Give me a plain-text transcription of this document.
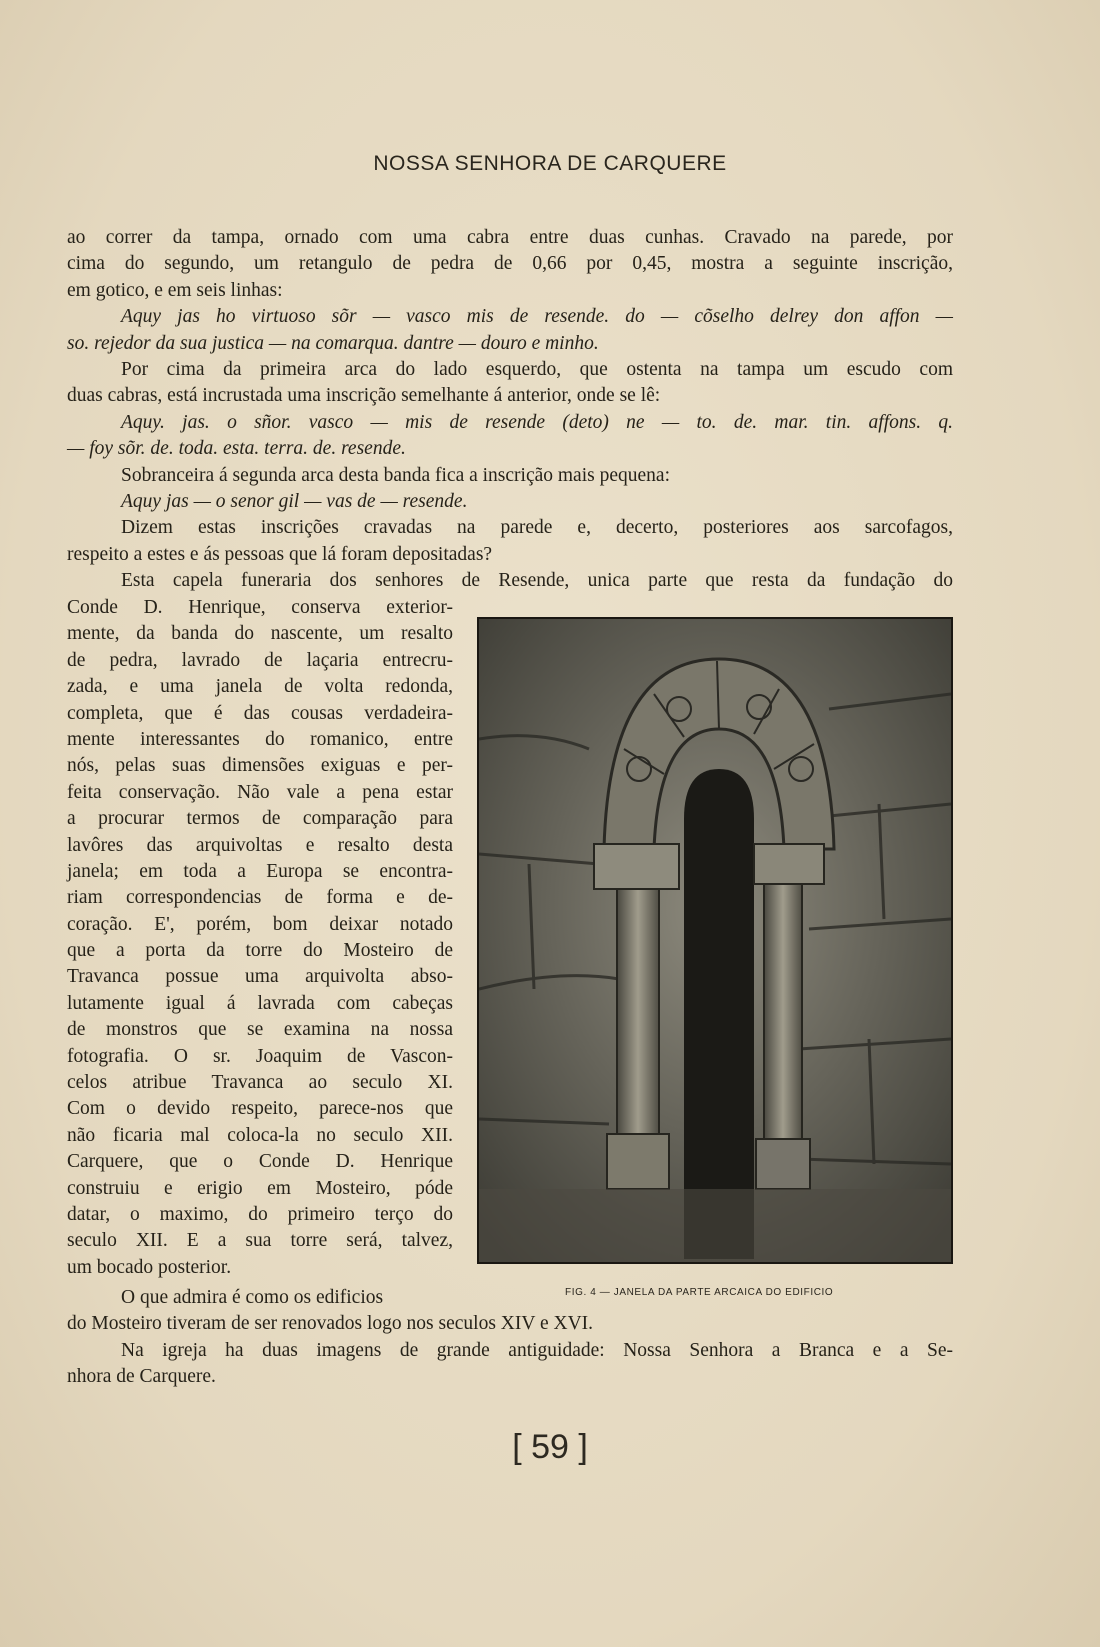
NOSSA SENHORA DE CARQUERE
ao correr da tampa, ornado com uma cabra entre duas cunhas. Cravado na parede, por
cima do segundo, um retangulo de pedra de 0,66 por 0,45, mostra a seguinte inscrição,
em gotico, e em seis linhas:
Aquy jas ho virtuoso sõr — vasco mis de resende. do — cõselho delrey don affon —
so. rejedor da sua justica — na comarqua. dantre — douro e minho.
Por cima da primeira arca do lado esquerdo, que ostenta na tampa um escudo com
duas cabras, está incrustada uma inscrição semelhante á anterior, onde se lê:
Aquy. jas. o sñor. vasco — mis de resende (deto) ne — to. de. mar. tin. affons. q.
— foy sõr. de. toda. esta. terra. de. resende.
Sobranceira á segunda arca desta banda fica a inscrição mais pequena:
Aquy jas — o senor gil — vas de — resende.
Dizem estas inscrições cravadas na parede e, decerto, posteriores aos sarcofagos,
respeito a estes e ás pessoas que lá foram depositadas?
Esta capela funeraria dos senhores de Resende, unica parte que resta da fundação do
Conde D. Henrique, conserva exterior-
mente, da banda do nascente, um resalto
de pedra, lavrado de laçaria entrecru-
zada, e uma janela de volta redonda,
completa, que é das cousas verdadeira-
mente interessantes do romanico, entre
nós, pelas suas dimensões exiguas e per-
feita conservação. Não vale a pena estar
a procurar termos de comparação para
lavôres das arquivoltas e resalto desta
janela; em toda a Europa se encontra-
riam correspondencias de forma e de-
coração. E', porém, bom deixar notado
que a porta da torre do Mosteiro de
Travanca possue uma arquivolta abso-
lutamente igual á lavrada com cabeças
de monstros que se examina na nossa
fotografia. O sr. Joaquim de Vascon-
celos atribue Travanca ao seculo XI.
Com o devido respeito, parece-nos que
não ficaria mal coloca-la no seculo XII.
Carquere, que o Conde D. Henrique
construiu e erigio em Mosteiro, póde
datar, o maximo, do primeiro terço do
seculo XII. E a sua torre será, talvez,
um bocado posterior.
O que admira é como os edificios
do Mosteiro tiveram de ser renovados logo nos seculos XIV e XVI.
Na igreja ha duas imagens de grande antiguidade: Nossa Senhora a Branca e a Se-
nhora de Carquere.
FIG. 4 — JANELA DA PARTE ARCAICA DO EDIFICIO
[ 59 ]
